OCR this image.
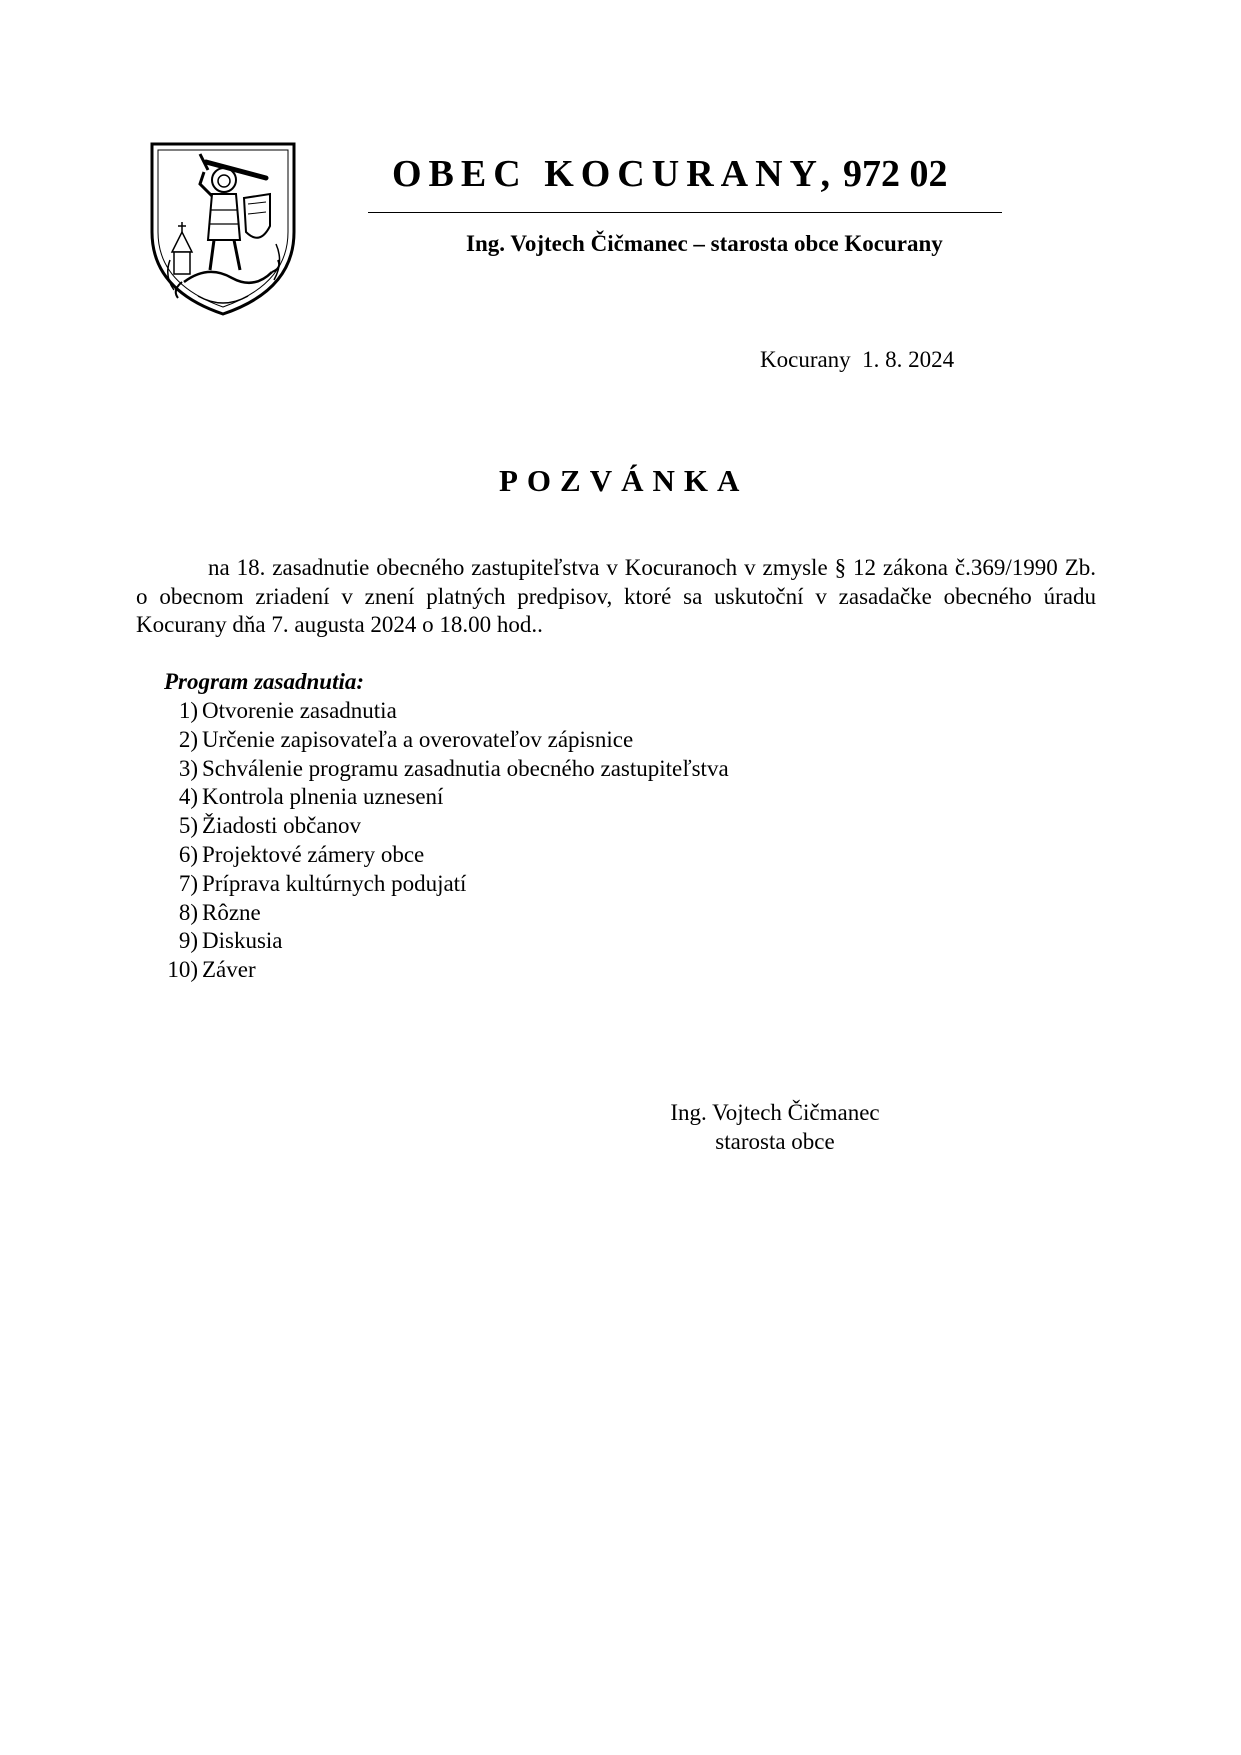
OBEC KOCURANY, 972 02
Ing. Vojtech Čičmanec – starosta obce Kocurany
Kocurany  1. 8. 2024
POZVÁNKA

na 18. zasadnutie obecného zastupiteľstva v Kocuranoch v zmysle § 12 zákona č.369/1990 Zb. o obecnom zriadení v znení platných predpisov, ktoré sa uskutoční v zasadačke obecného úradu Kocurany dňa 7. augusta 2024 o 18.00 hod..

Program zasadnutia:
1) Otvorenie zasadnutia
2) Určenie zapisovateľa a overovateľov zápisnice
3) Schválenie programu zasadnutia obecného zastupiteľstva
4) Kontrola plnenia uznesení
5) Žiadosti občanov
6) Projektové zámery obce
7) Príprava kultúrnych podujatí
8) Rôzne
9) Diskusia
10) Záver
Ing. Vojtech Čičmanec
starosta obce
